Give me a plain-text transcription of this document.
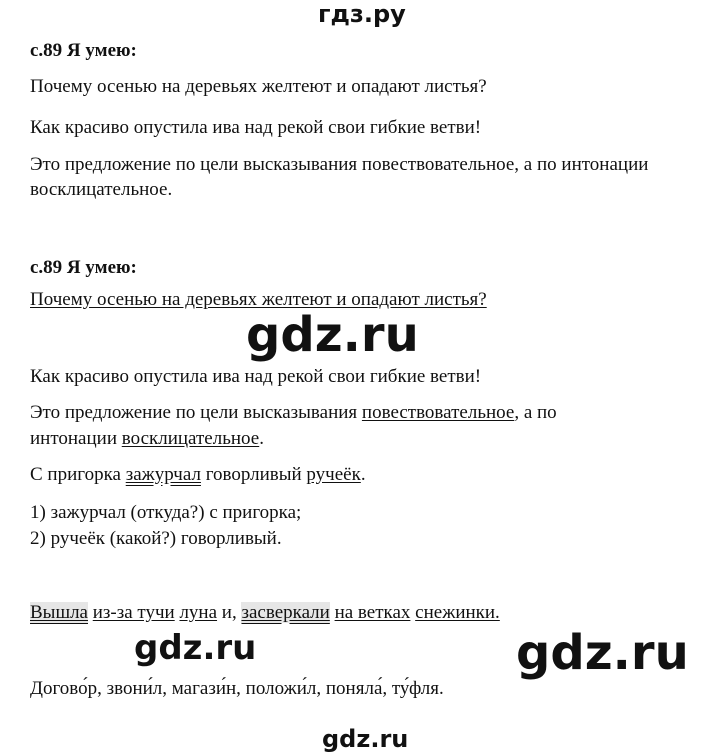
гдз.ру
с.89 Я умею:
Почему осенью на деревьях желтеют и опадают листья?
Как красиво опустила ива над рекой свои гибкие ветви!
Это предложение по цели высказывания повествовательное, а по интонации
восклицательное.
с.89 Я умею:
Почему осенью на деревьях желтеют и опадают листья?
gdz.ru
Как красиво опустила ива над рекой свои гибкие ветви!
Это предложение по цели высказывания повествовательное, а по
интонации восклицательное.
С пригорка зажурчал говорливый ручеёк.
1) зажурчал (откуда?) с пригорка;
2) ручеёк (какой?) говорливый.
Вышла из-за тучи луна и, засверкали на ветках снежинки.
gdz.ru	gdz.ru
Догово́р, звони́л, магази́н, положи́л, поняла́, ту́фля.
gdz.ru
